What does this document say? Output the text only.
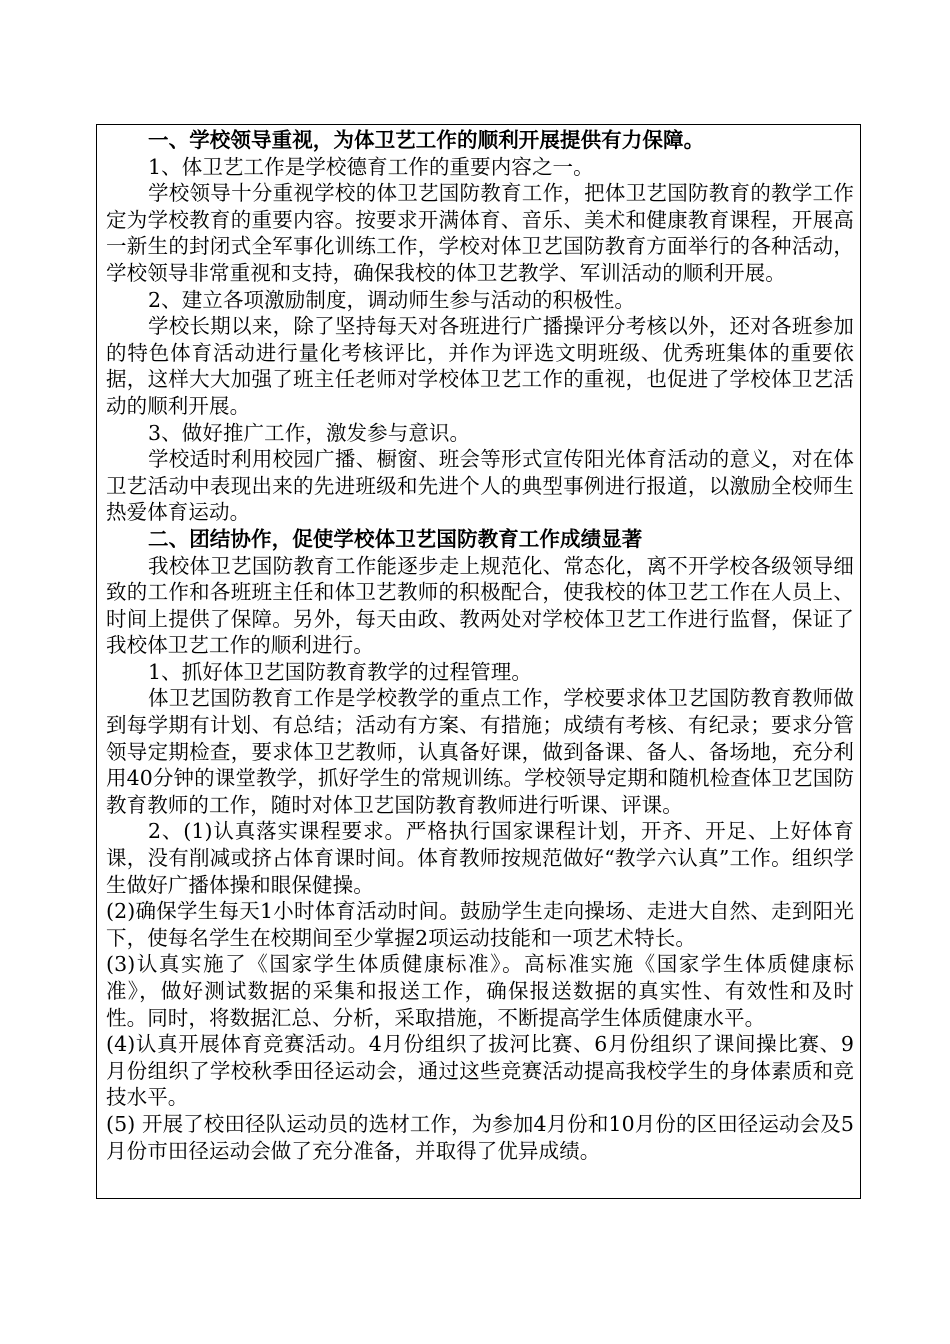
一、学校领导重视，为体卫艺工作的顺利开展提供有力保障。

1、体卫艺工作是学校德育工作的重要内容之一。

学校领导十分重视学校的体卫艺国防教育工作，把体卫艺国防教育的教学工作定为学校教育的重要内容。按要求开满体育、音乐、美术和健康教育课程，开展高一新生的封闭式全军事化训练工作，学校对体卫艺国防教育方面举行的各种活动，学校领导非常重视和支持，确保我校的体卫艺教学、军训活动的顺利开展。

2、建立各项激励制度，调动师生参与活动的积极性。

学校长期以来，除了坚持每天对各班进行广播操评分考核以外，还对各班参加的特色体育活动进行量化考核评比，并作为评选文明班级、优秀班集体的重要依据，这样大大加强了班主任老师对学校体卫艺工作的重视，也促进了学校体卫艺活动的顺利开展。

3、做好推广工作，激发参与意识。

学校适时利用校园广播、橱窗、班会等形式宣传阳光体育活动的意义，对在体卫艺活动中表现出来的先进班级和先进个人的典型事例进行报道，以激励全校师生热爱体育运动。

二、团结协作，促使学校体卫艺国防教育工作成绩显著

我校体卫艺国防教育工作能逐步走上规范化、常态化，离不开学校各级领导细致的工作和各班班主任和体卫艺教师的积极配合，使我校的体卫艺工作在人员上、时间上提供了保障。另外，每天由政、教两处对学校体卫艺工作进行监督，保证了我校体卫艺工作的顺利进行。

1、抓好体卫艺国防教育教学的过程管理。

体卫艺国防教育工作是学校教学的重点工作，学校要求体卫艺国防教育教师做到每学期有计划、有总结；活动有方案、有措施；成绩有考核、有纪录；要求分管领导定期检查，要求体卫艺教师，认真备好课，做到备课、备人、备场地，充分利用40分钟的课堂教学，抓好学生的常规训练。学校领导定期和随机检查体卫艺国防教育教师的工作，随时对体卫艺国防教育教师进行听课、评课。

2、(1)认真落实课程要求。严格执行国家课程计划，开齐、开足、上好体育课，没有削减或挤占体育课时间。体育教师按规范做好“教学六认真”工作。组织学生做好广播体操和眼保健操。

(2)确保学生每天1小时体育活动时间。鼓励学生走向操场、走进大自然、走到阳光下，使每名学生在校期间至少掌握2项运动技能和一项艺术特长。

(3)认真实施了《国家学生体质健康标准》。高标准实施《国家学生体质健康标准》，做好测试数据的采集和报送工作，确保报送数据的真实性、有效性和及时性。同时，将数据汇总、分析，采取措施，不断提高学生体质健康水平。

(4)认真开展体育竞赛活动。4月份组织了拔河比赛、6月份组织了课间操比赛、9月份组织了学校秋季田径运动会，通过这些竞赛活动提高我校学生的身体素质和竞技水平。

(5) 开展了校田径队运动员的选材工作，为参加4月份和10月份的区田径运动会及5月份市田径运动会做了充分准备，并取得了优异成绩。
